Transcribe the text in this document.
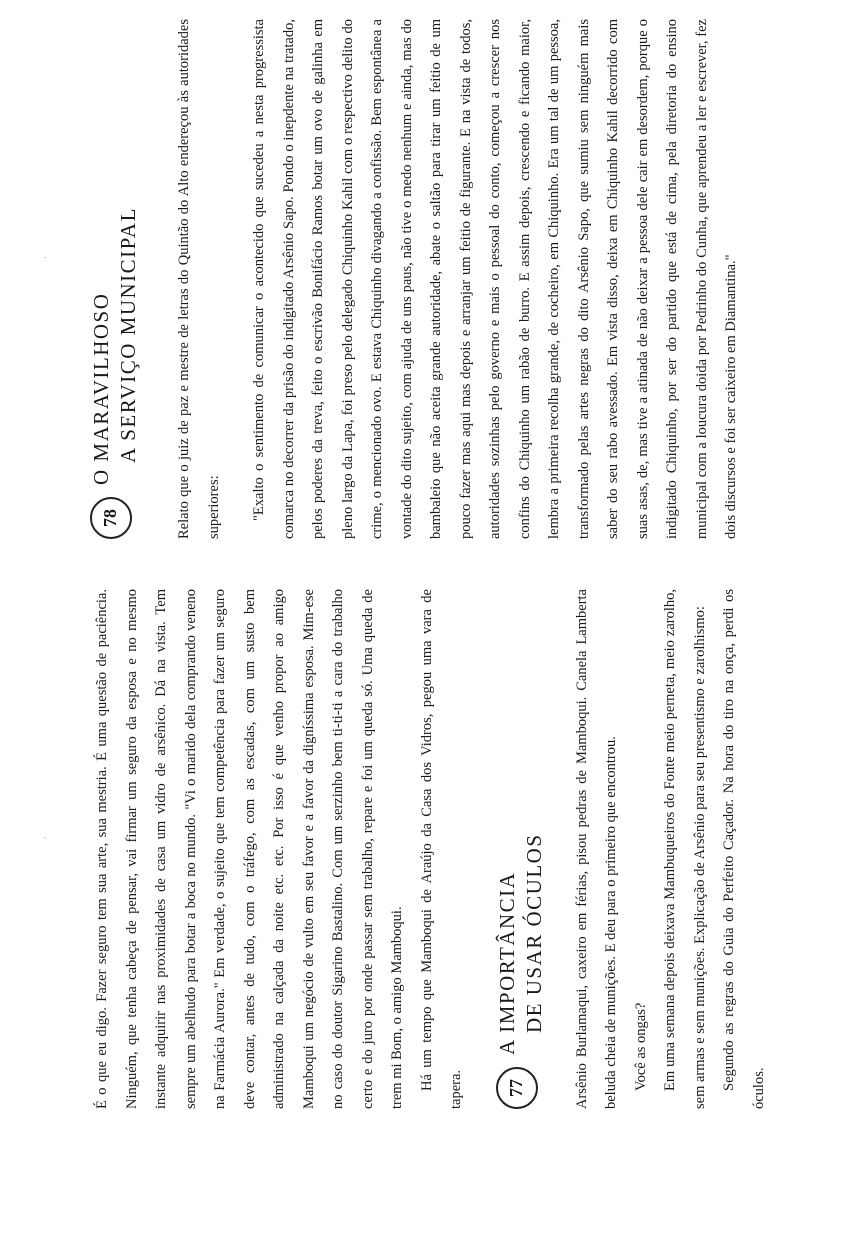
É o que eu digo. Fazer seguro tem sua arte, sua mestria. É uma questão de paciência. Ninguém, que tenha cabeça de pensar, vai firmar um seguro da esposa e no mesmo instante adquirir nas proximidades de casa um vidro de arsênico. Dá na vista. Tem sempre um abelhudo para botar a boca no mundo. "Vi o marido dela comprando veneno na Farmácia Aurora." Em verdade, o sujeito que tem competência para fazer um seguro deve contar, antes de tudo, com o tráfego, com as escadas, com um susto bem administrado na calçada da noite etc. etc. Por isso é que venho propor ao amigo Mamboqui um negócio de vulto em seu favor e a favor da digníssima esposa. Mim-ese no caso do doutor Sigarino Bastalino. Com um serzinho bem ti-ti-ti a cara do trabalho certo e do juro por onde passar sem trabalho, repare e foi um queda só. Uma queda de trem mi Bom, o amigo Mamboqui. Há um tempo que Mamboqui de Araújo da Casa dos Vidros, pegou uma vara de tapera.	77
A IMPORTÂNCIA DE USAR ÓCULOS	Arsênio Burlamaqui, caxeiro em férias, pisou pedras de Mamboqui. Canela Lamberta beluda cheia de munições. E deu para o primeiro que encontrou. Você as ongas? Em uma semana depois deixava Mambuqueiros do Fonte meio perneta, meio zarolho, sem armas e sem munições. Explicação de Arsênio para seu presentismo e zarolhismo: Segundo as regras do Guia do Perfeito Caçador. Na hora do tiro na onça, perdi os óculos.

78
O MARAVILHOSO A SERVIÇO MUNICIPAL	Relato que o juiz de paz e mestre de letras do Quintão do Alto endereçou às autoridades superiores:	"Exalto o sentimento de comunicar o acontecido que sucedeu a nesta progressista comarca no decorrer da prisão do indigitado Arsênio Sapo. Pondo o inepdente na tratado, pelos poderes da treva, feito o escrivão Bonifácio Ramos botar um ovo de galinha em pleno largo da Lapa, foi preso pelo delegado Chiquinho Kahil com o respectivo delito do crime, o mencionado ovo. E estava Chiquinho divagando a confissão. Bem espontânea a vontade do dito sujeito, com ajuda de uns paus, não tive o medo nenhum e ainda, mas do bambaleio que não aceita grande autoridade, abate o saltão para tirar um feitio de um pouco fazer mas aqui mas depois e arranjar um feitio de figurante. E na vista de todos, autoridades sozinhas pelo governo e mais o pessoal do conto, começou a crescer nos confins do Chiquinho um rabão de burro. E assim depois, crescendo e ficando maior, lembra a primeira recolha grande, de cocheiro, em Chiquinho. Era um tal de um pessoa, transformado pelas artes negras do dito Arsênio Sapo, que sumiu sem ninguém mais saber do seu rabo avessado. Em vista disso, deixa em Chiquinho Kahil decorrido com suas asas, de, mas tive a atinada de não deixar a pessoa dele cair em desordem, porque o indigitado Chiquinho, por ser do partido que está de cima, pela diretoria do ensino municipal com a loucura doida por Pedrinho do Cunha, que aprendeu a ler e escrever, fez dois discursos e foi ser caixeiro em Diamantina."

·
·
